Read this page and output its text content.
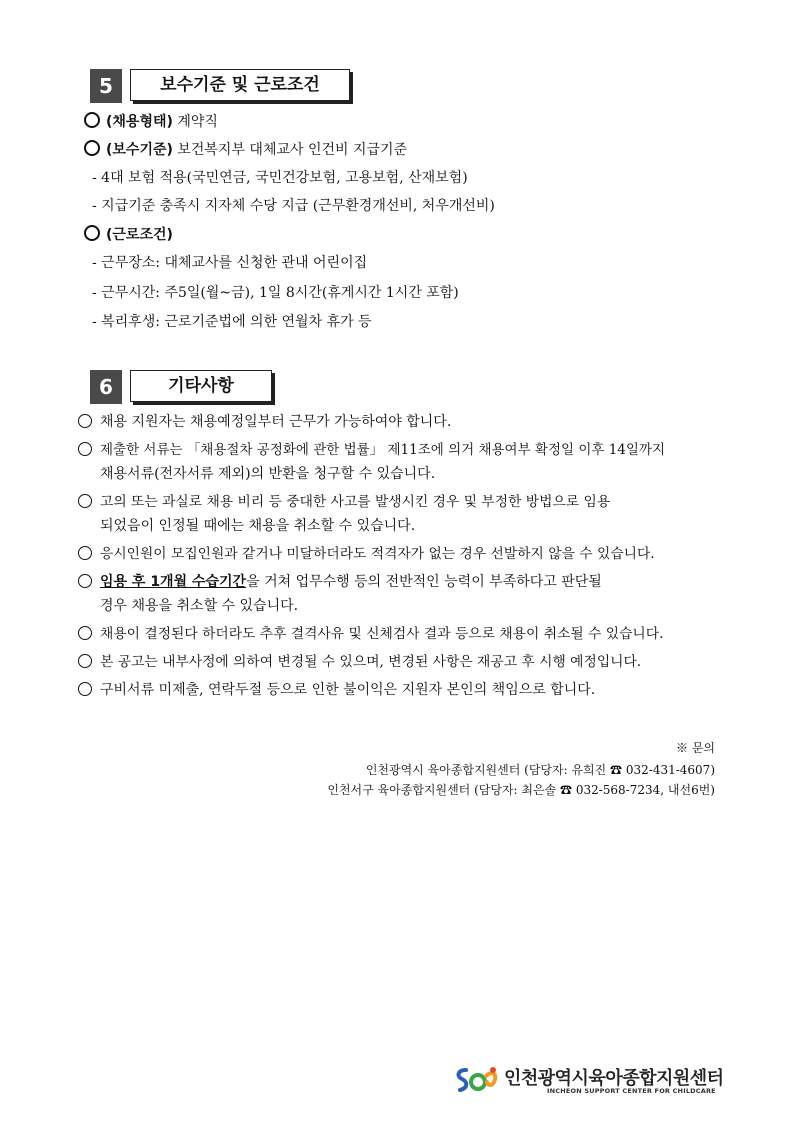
5	보수기준 및 근로조건
(채용형태) 계약직
(보수기준) 보건복지부 대체교사 인건비 지급기준
- 4대 보험 적용(국민연금, 국민건강보험, 고용보험, 산재보험)
- 지급기준 충족시 지자체 수당 지급 (근무환경개선비, 처우개선비)
(근로조건)
- 근무장소: 대체교사를 신청한 관내 어린이집
- 근무시간: 주5일(월~금), 1일 8시간(휴게시간 1시간 포함)
- 복리후생: 근로기준법에 의한 연월차 휴가 등
6	기타사항
채용 지원자는 채용예정일부터 근무가 가능하여야 합니다.
제출한 서류는 「채용절차 공정화에 관한 법률」 제11조에 의거 채용여부 확정일 이후 14일까지
채용서류(전자서류 제외)의 반환을 청구할 수 있습니다.
고의 또는 과실로 채용 비리 등 중대한 사고를 발생시킨 경우 및 부정한 방법으로 임용
되었음이 인정될 때에는 채용을 취소할 수 있습니다.
응시인원이 모집인원과 같거나 미달하더라도 적격자가 없는 경우 선발하지 않을 수 있습니다.
임용 후 1개월 수습기간을 거쳐 업무수행 등의 전반적인 능력이 부족하다고 판단될
경우 채용을 취소할 수 있습니다.
채용이 결정된다 하더라도 추후 결격사유 및 신체검사 결과 등으로 채용이 취소될 수 있습니다.
본 공고는 내부사정에 의하여 변경될 수 있으며, 변경된 사항은 재공고 후 시행 예정입니다.
구비서류 미제출, 연락두절 등으로 인한 불이익은 지원자 본인의 책임으로 합니다.
※ 문의
인천광역시 육아종합지원센터 (담당자: 유희진 ☎ 032-431-4607)
인천서구 육아종합지원센터 (담당자: 최은솔 ☎ 032-568-7234, 내선6번)
인천광역시육아종합지원센터
INCHEON SUPPORT CENTER FOR CHILDCARE
